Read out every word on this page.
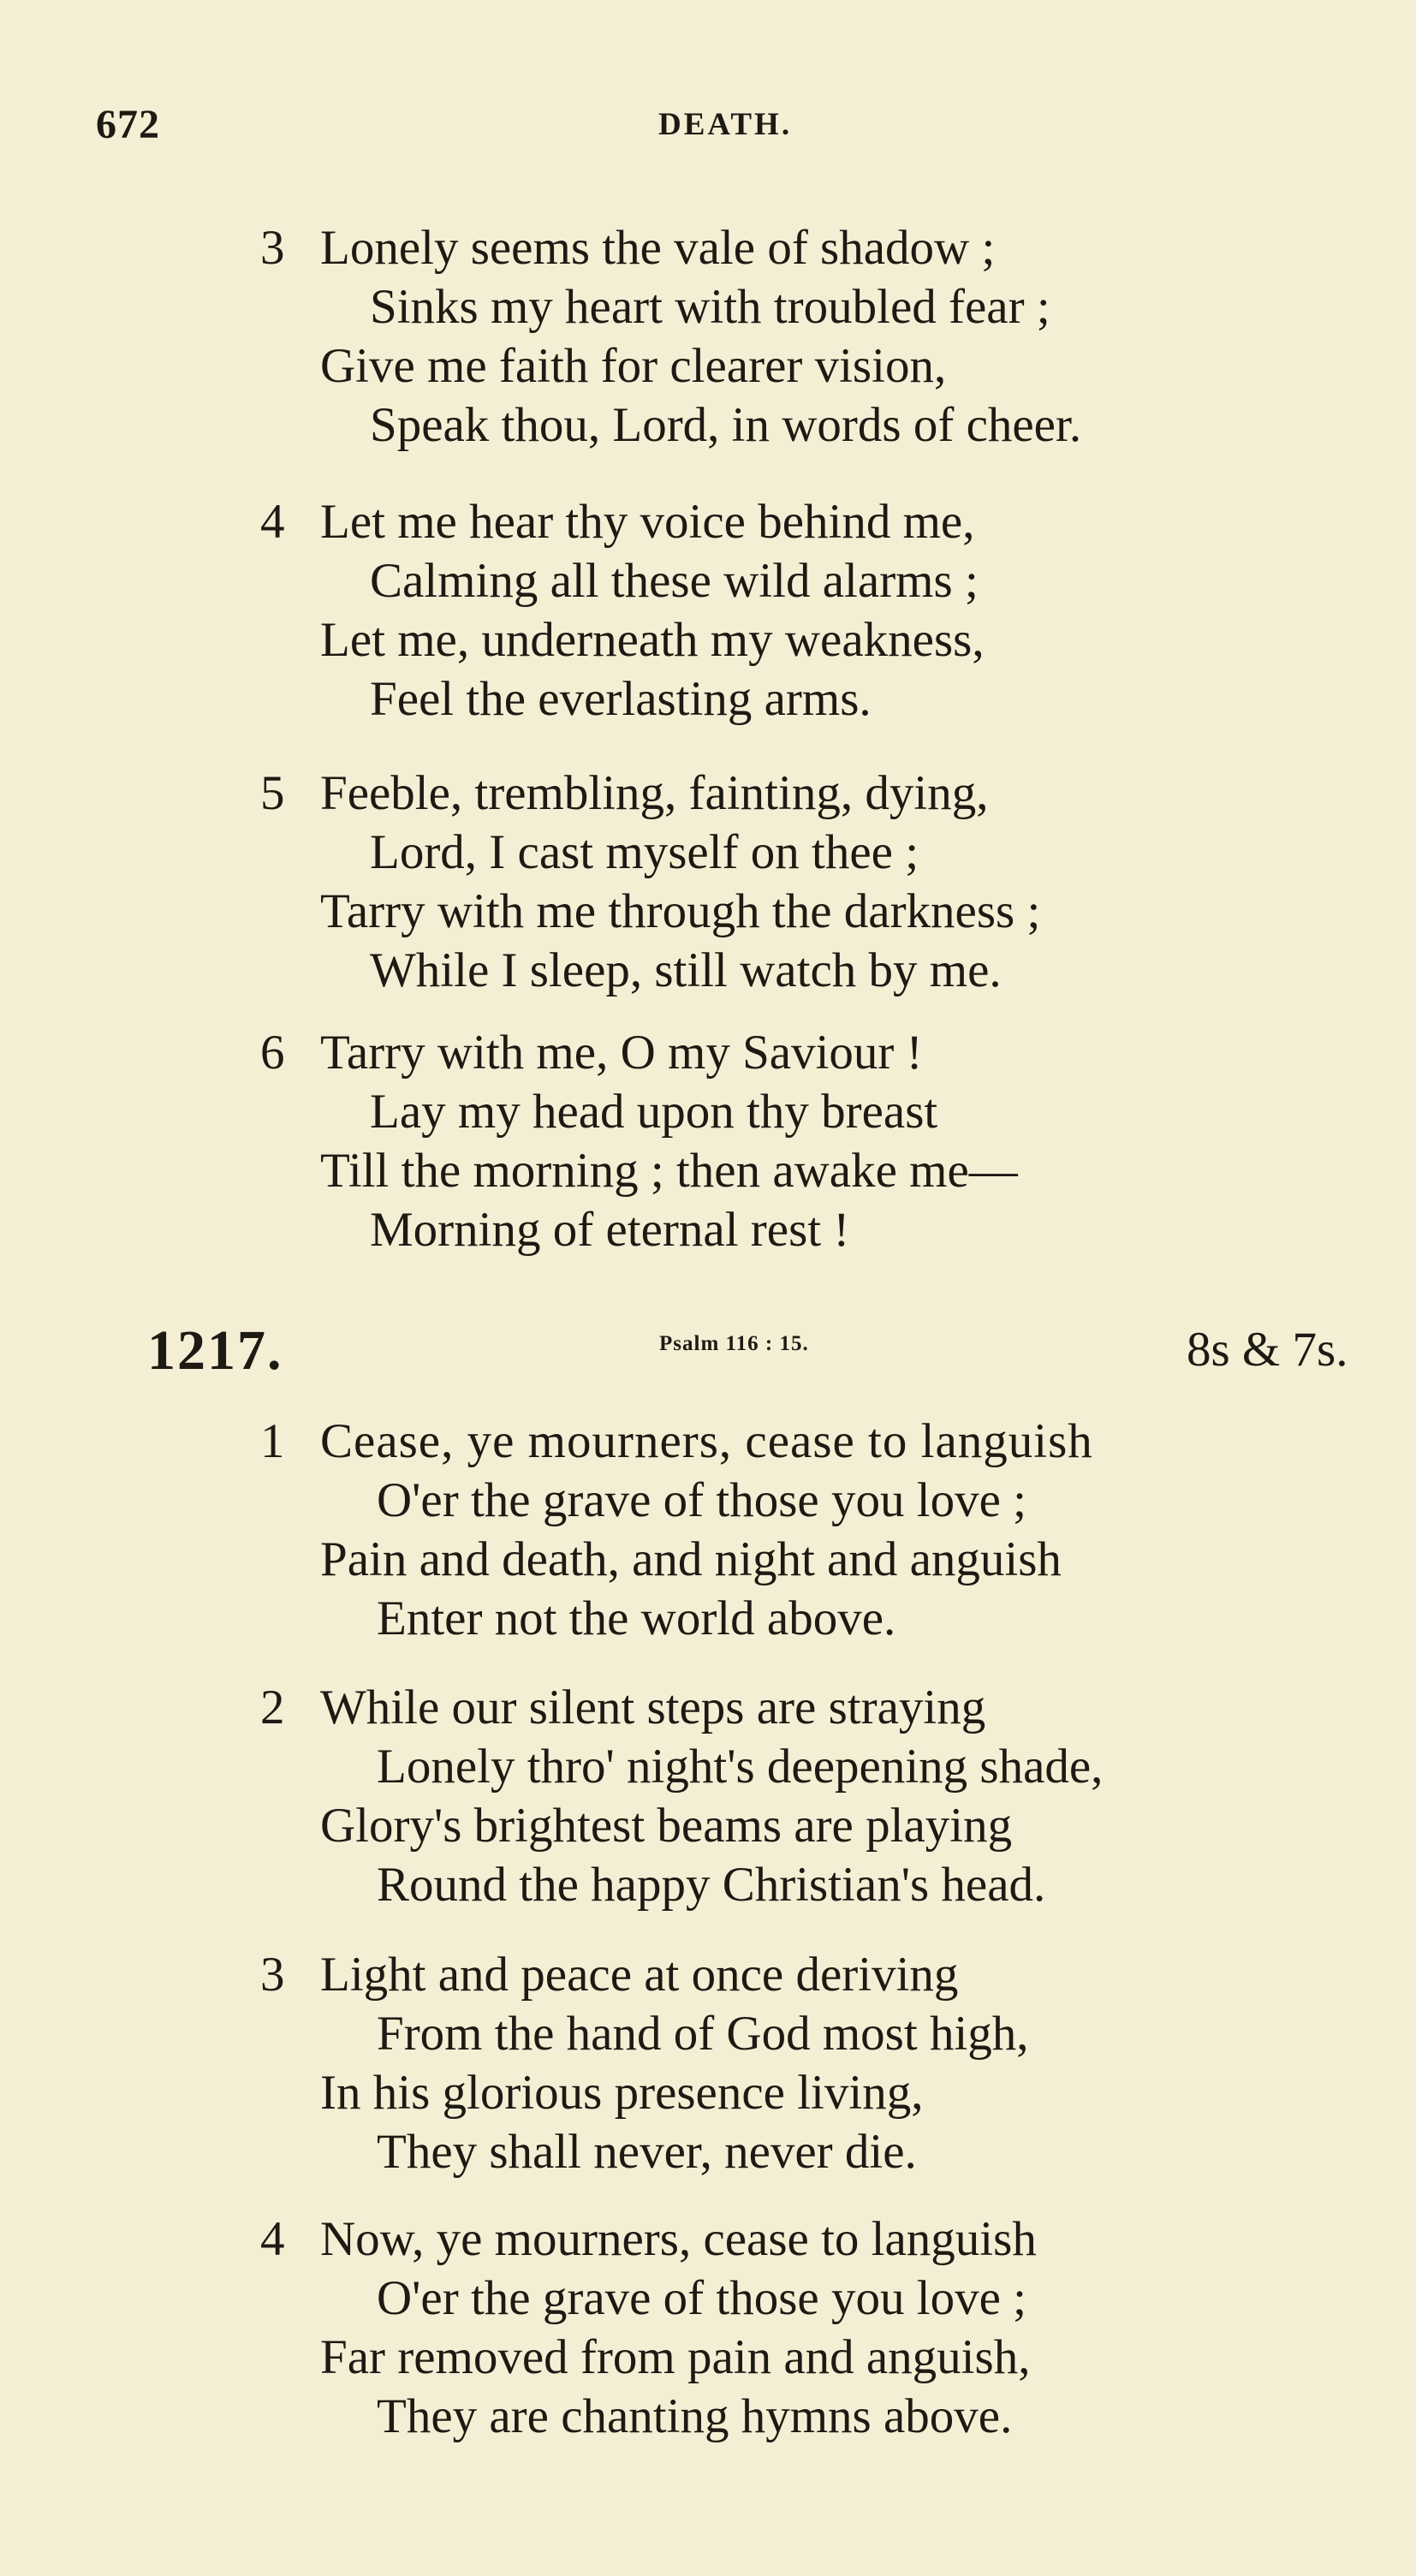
672	DEATH.
3 Lonely seems the vale of shadow ;
Sinks my heart with troubled fear ;
Give me faith for clearer vision,
Speak thou, Lord, in words of cheer.
4 Let me hear thy voice behind me,
Calming all these wild alarms ;
Let me, underneath my weakness,
Feel the everlasting arms.
5 Feeble, trembling, fainting, dying,
Lord, I cast myself on thee ;
Tarry with me through the darkness ;
While I sleep, still watch by me.
6 Tarry with me, O my Saviour !
Lay my head upon thy breast
Till the morning ; then awake me—
Morning of eternal rest !
1217.	Psalm 116 : 15.	8s & 7s.
1 Cease, ye mourners, cease to languish
O'er the grave of those you love ;
Pain and death, and night and anguish
Enter not the world above.
2 While our silent steps are straying
Lonely thro' night's deepening shade,
Glory's brightest beams are playing
Round the happy Christian's head.
3 Light and peace at once deriving
From the hand of God most high,
In his glorious presence living,
They shall never, never die.
4 Now, ye mourners, cease to languish
O'er the grave of those you love ;
Far removed from pain and anguish,
They are chanting hymns above.
